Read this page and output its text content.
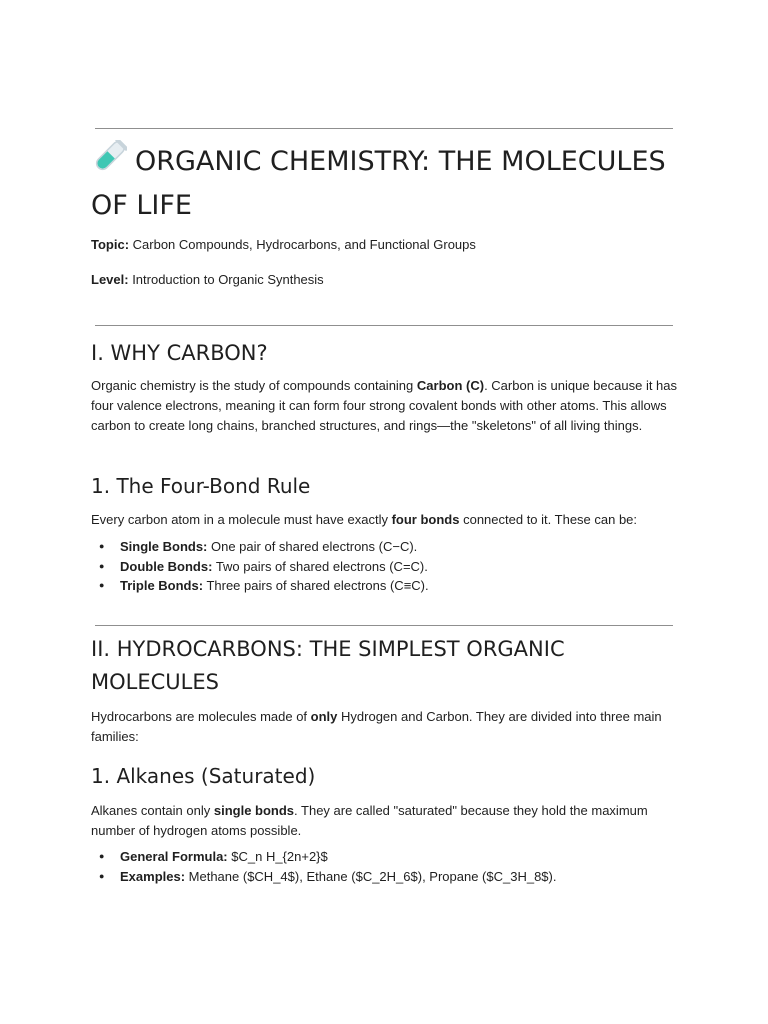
ORGANIC CHEMISTRY: THE MOLECULES OF LIFE

Topic: Carbon Compounds, Hydrocarbons, and Functional Groups

Level: Introduction to Organic Synthesis

I. WHY CARBON?

Organic chemistry is the study of compounds containing Carbon (C). Carbon is unique because it has four valence electrons, meaning it can form four strong covalent bonds with other atoms. This allows carbon to create long chains, branched structures, and rings—the "skeletons" of all living things.

1. The Four-Bond Rule

Every carbon atom in a molecule must have exactly four bonds connected to it. These can be:

● Single Bonds: One pair of shared electrons (C−C).
● Double Bonds: Two pairs of shared electrons (C=C).
● Triple Bonds: Three pairs of shared electrons (C≡C).
II. HYDROCARBONS: THE SIMPLEST ORGANIC MOLECULES

Hydrocarbons are molecules made of only Hydrogen and Carbon. They are divided into three main families:

1. Alkanes (Saturated)

Alkanes contain only single bonds. They are called "saturated" because they hold the maximum number of hydrogen atoms possible.

● General Formula: $C_n H_{2n+2}$
● Examples: Methane ($CH_4$), Ethane ($C_2H_6$), Propane ($C_3H_8$).
